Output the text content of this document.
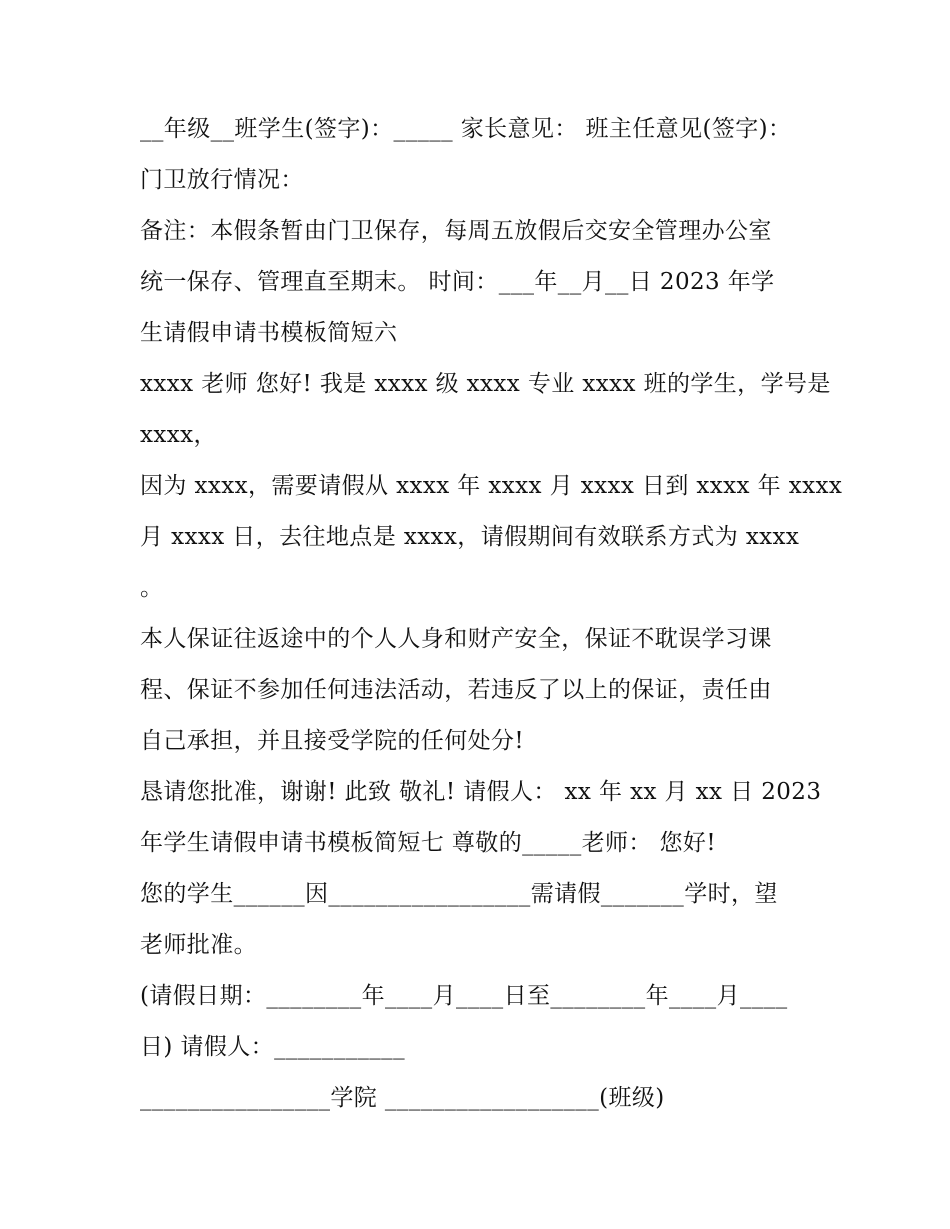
__年级__班学生(签字)：_____ 家长意见： 班主任意见(签字)：
门卫放行情况：
备注：本假条暂由门卫保存，每周五放假后交安全管理办公室
统一保存、管理直至期末。 时间：___年__月__日 2023 年学
生请假申请书模板简短六
xxxx 老师 您好! 我是 xxxx 级 xxxx 专业 xxxx 班的学生，学号是
xxxx，
因为 xxxx，需要请假从 xxxx 年 xxxx 月 xxxx 日到 xxxx 年 xxxx
月 xxxx 日，去往地点是 xxxx，请假期间有效联系方式为 xxxx
。
本人保证往返途中的个人人身和财产安全，保证不耽误学习课
程、保证不参加任何违法活动，若违反了以上的保证，责任由
自己承担，并且接受学院的任何处分!
恳请您批准，谢谢! 此致 敬礼! 请假人： xx 年 xx 月 xx 日 2023
年学生请假申请书模板简短七 尊敬的_____老师： 您好!
您的学生______因_________________需请假_______学时，望
老师批准。
(请假日期：________年____月____日至________年____月____
日) 请假人：___________
________________学院 __________________(班级)
